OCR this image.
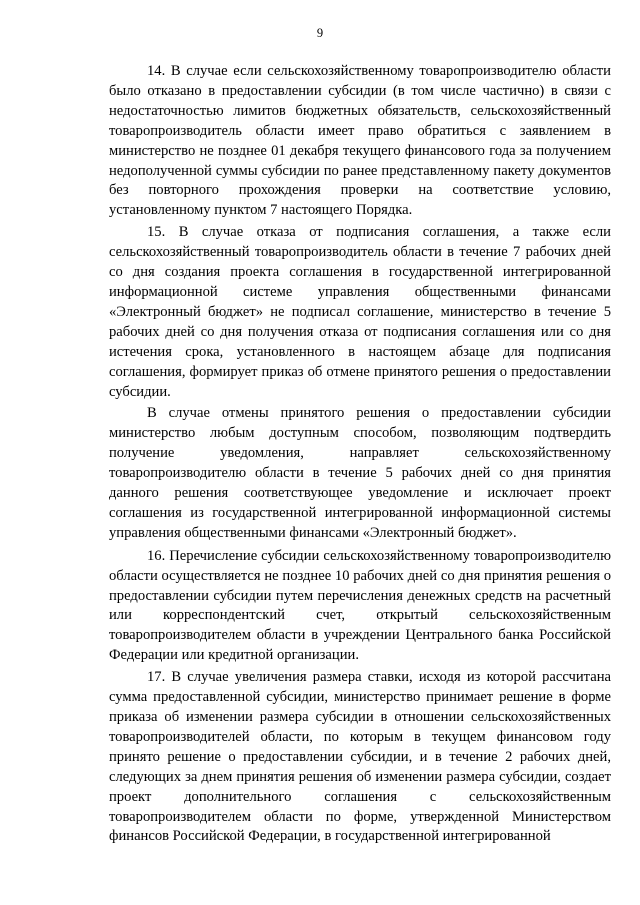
9

14. В случае если сельскохозяйственному товаропроизводителю области было отказано в предоставлении субсидии (в том числе частично) в связи с недостаточностью лимитов бюджетных обязательств, сельскохозяйственный товаропроизводитель области имеет право обратиться с заявлением в министерство не позднее 01 декабря текущего финансового года за получением недополученной суммы субсидии по ранее представленному пакету документов без повторного прохождения проверки на соответствие условию, установленному пунктом 7 настоящего Порядка.

15. В случае отказа от подписания соглашения, а также если сельскохозяйственный товаропроизводитель области в течение 7 рабочих дней со дня создания проекта соглашения в государственной интегрированной информационной системе управления общественными финансами «Электронный бюджет» не подписал соглашение, министерство в течение 5 рабочих дней со дня получения отказа от подписания соглашения или со дня истечения срока, установленного в настоящем абзаце для подписания соглашения, формирует приказ об отмене принятого решения о предоставлении субсидии.

В случае отмены принятого решения о предоставлении субсидии министерство любым доступным способом, позволяющим подтвердить получение уведомления, направляет сельскохозяйственному товаропроизводителю области в течение 5 рабочих дней со дня принятия данного решения соответствующее уведомление и исключает проект соглашения из государственной интегрированной информационной системы управления общественными финансами «Электронный бюджет».

16. Перечисление субсидии сельскохозяйственному товаропроизводителю области осуществляется не позднее 10 рабочих дней со дня принятия решения о предоставлении субсидии путем перечисления денежных средств на расчетный или корреспондентский счет, открытый сельскохозяйственным товаропроизводителем области в учреждении Центрального банка Российской Федерации или кредитной организации.

17. В случае увеличения размера ставки, исходя из которой рассчитана сумма предоставленной субсидии, министерство принимает решение в форме приказа об изменении размера субсидии в отношении сельскохозяйственных товаропроизводителей области, по которым в текущем финансовом году принято решение о предоставлении субсидии, и в течение 2 рабочих дней, следующих за днем принятия решения об изменении размера субсидии, создает проект дополнительного соглашения с сельскохозяйственным товаропроизводителем области по форме, утвержденной Министерством финансов Российской Федерации, в государственной интегрированной
